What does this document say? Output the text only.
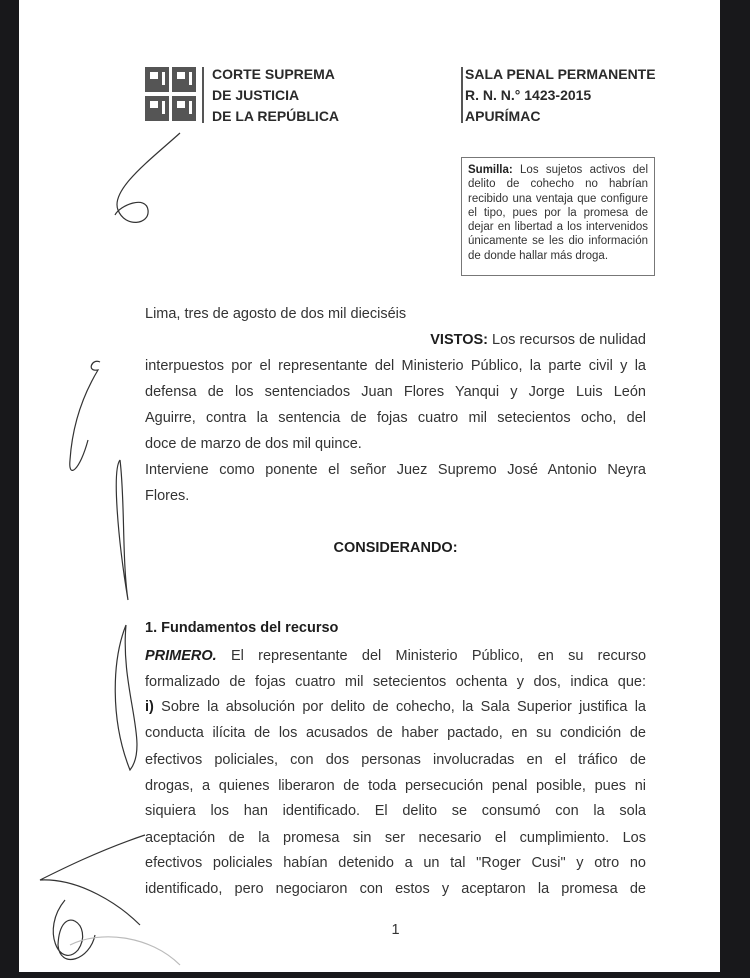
CORTE SUPREMA
DE JUSTICIA
DE LA REPÚBLICA
SALA PENAL PERMANENTE
R. N. N.° 1423-2015
APURÍMAC
Sumilla: Los sujetos activos del delito de cohecho no habrían recibido una ventaja que configure el tipo, pues por la promesa de dejar en libertad a los intervenidos únicamente se les dio información de donde hallar más droga.
Lima, tres de agosto de dos mil dieciséis
VISTOS: Los recursos de nulidad
interpuestos por el representante del Ministerio Público, la parte civil y la
defensa de los sentenciados Juan Flores Yanqui y Jorge Luis León
Aguirre, contra la sentencia de fojas cuatro mil setecientos ocho, del
doce de marzo de dos mil quince.
Interviene como ponente el señor Juez Supremo José Antonio Neyra
Flores.
CONSIDERANDO:
1. Fundamentos del recurso
PRIMERO. El representante del Ministerio Público, en su recurso
formalizado de fojas cuatro mil setecientos ochenta y dos, indica que:
i) Sobre la absolución por delito de cohecho, la Sala Superior justifica la
conducta ilícita de los acusados de haber pactado, en su condición de
efectivos policiales, con dos personas involucradas en el tráfico de
drogas, a quienes liberaron de toda persecución penal posible, pues ni
siquiera los han identificado. El delito se consumó con la sola
aceptación de la promesa sin ser necesario el cumplimiento. Los
efectivos policiales habían detenido a un tal "Roger Cusi" y otro no
identificado, pero negociaron con estos y aceptaron la promesa de
1
